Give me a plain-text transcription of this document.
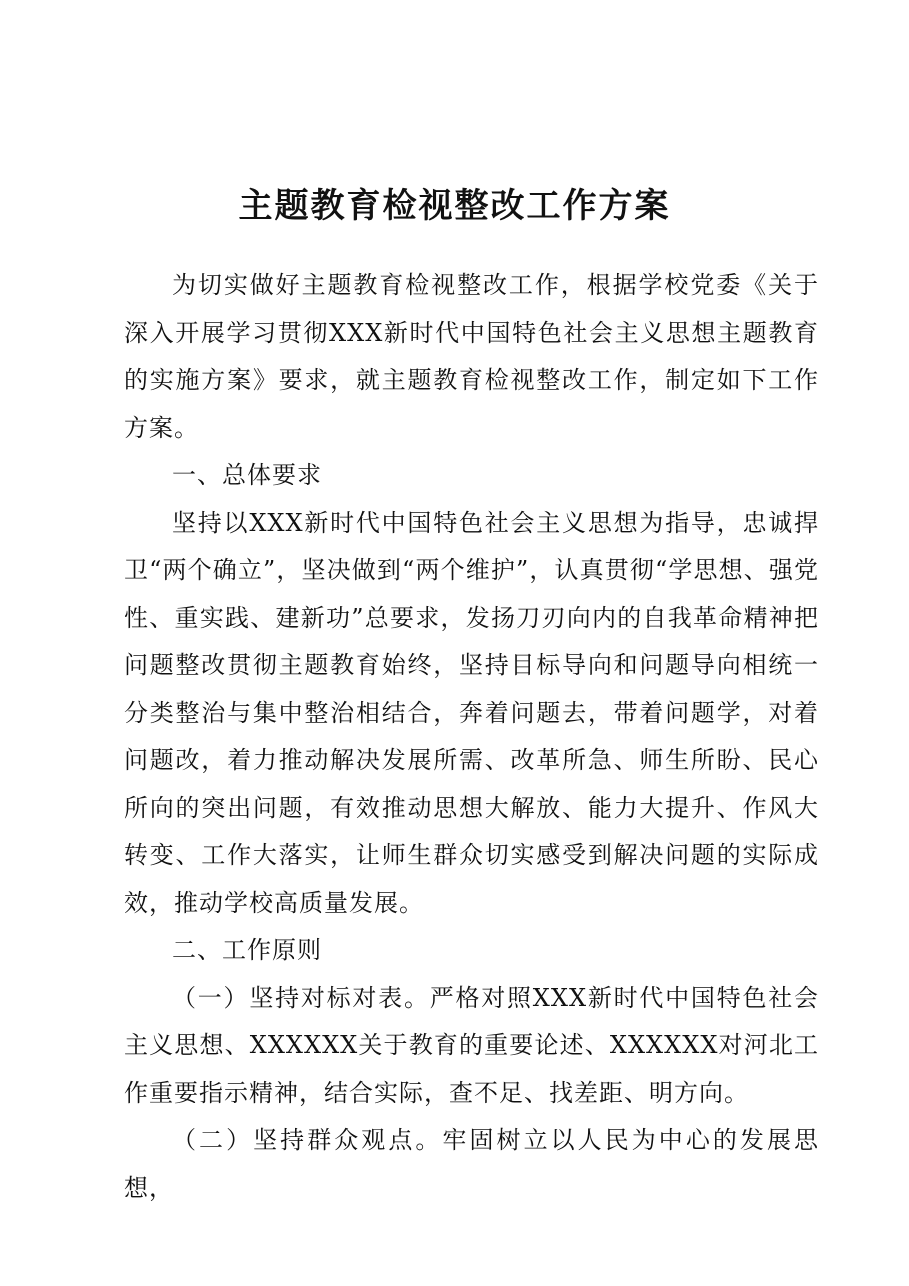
主题教育检视整改工作方案

为切实做好主题教育检视整改工作，根据学校党委《关于深入开展学习贯彻XXX新时代中国特色社会主义思想主题教育的实施方案》要求，就主题教育检视整改工作，制定如下工作方案。

一、总体要求

坚持以XXX新时代中国特色社会主义思想为指导，忠诚捍卫“两个确立”，坚决做到“两个维护”，认真贯彻“学思想、强党性、重实践、建新功”总要求，发扬刀刃向内的自我革命精神把问题整改贯彻主题教育始终，坚持目标导向和问题导向相统一分类整治与集中整治相结合，奔着问题去，带着问题学，对着问题改，着力推动解决发展所需、改革所急、师生所盼、民心所向的突出问题，有效推动思想大解放、能力大提升、作风大转变、工作大落实，让师生群众切实感受到解决问题的实际成效，推动学校高质量发展。

二、工作原则

（一）坚持对标对表。严格对照XXX新时代中国特色社会主义思想、XXXXXX关于教育的重要论述、XXXXXX对河北工作重要指示精神，结合实际，查不足、找差距、明方向。

（二）坚持群众观点。牢固树立以人民为中心的发展思想，
